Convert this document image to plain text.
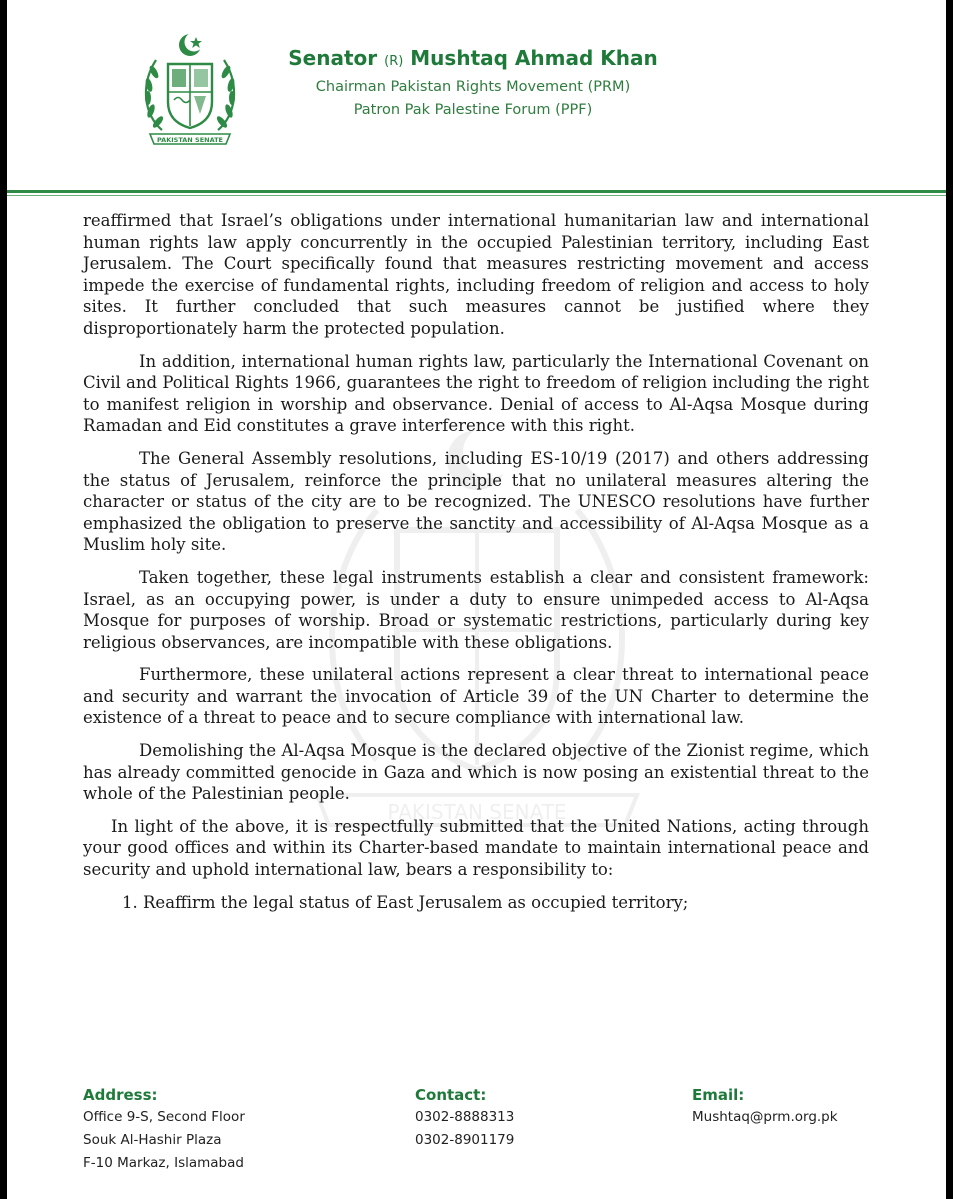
PAKISTAN SENATE
Senator (R) Mushtaq Ahmad Khan
Chairman Pakistan Rights Movement (PRM)
Patron Pak Palestine Forum (PPF)
PAKISTAN SENATE

reaffirmed that Israel’s obligations under international humanitarian law and international human rights law apply concurrently in the occupied Palestinian territory, including East Jerusalem. The Court specifically found that measures restricting movement and access impede the exercise of fundamental rights, including freedom of religion and access to holy sites. It further concluded that such measures cannot be justified where they disproportionately harm the protected population.

In addition, international human rights law, particularly the International Covenant on Civil and Political Rights 1966, guarantees the right to freedom of religion including the right to manifest religion in worship and observance. Denial of access to Al-Aqsa Mosque during Ramadan and Eid constitutes a grave interference with this right.

The General Assembly resolutions, including ES-10/19 (2017) and others addressing the status of Jerusalem, reinforce the principle that no unilateral measures altering the character or status of the city are to be recognized. The UNESCO resolutions have further emphasized the obligation to preserve the sanctity and accessibility of Al-Aqsa Mosque as a Muslim holy site.

Taken together, these legal instruments establish a clear and consistent framework: Israel, as an occupying power, is under a duty to ensure unimpeded access to Al-Aqsa Mosque for purposes of worship. Broad or systematic restrictions, particularly during key religious observances, are incompatible with these obligations.

Furthermore, these unilateral actions represent a clear threat to international peace and security and warrant the invocation of Article 39 of the UN Charter to determine the existence of a threat to peace and to secure compliance with international law.

Demolishing the Al-Aqsa Mosque is the declared objective of the Zionist regime, which has already committed genocide in Gaza and which is now posing an existential threat to the whole of the Palestinian people.

In light of the above, it is respectfully submitted that the United Nations, acting through your good offices and within its Charter-based mandate to maintain international peace and security and uphold international law, bears a responsibility to:

1. Reaffirm the legal status of East Jerusalem as occupied territory;
Address:
Office 9-S, Second Floor
Souk Al-Hashir Plaza
F-10 Markaz, Islamabad
Contact:
0302-8888313
0302-8901179
Email:
Mushtaq@prm.org.pk
